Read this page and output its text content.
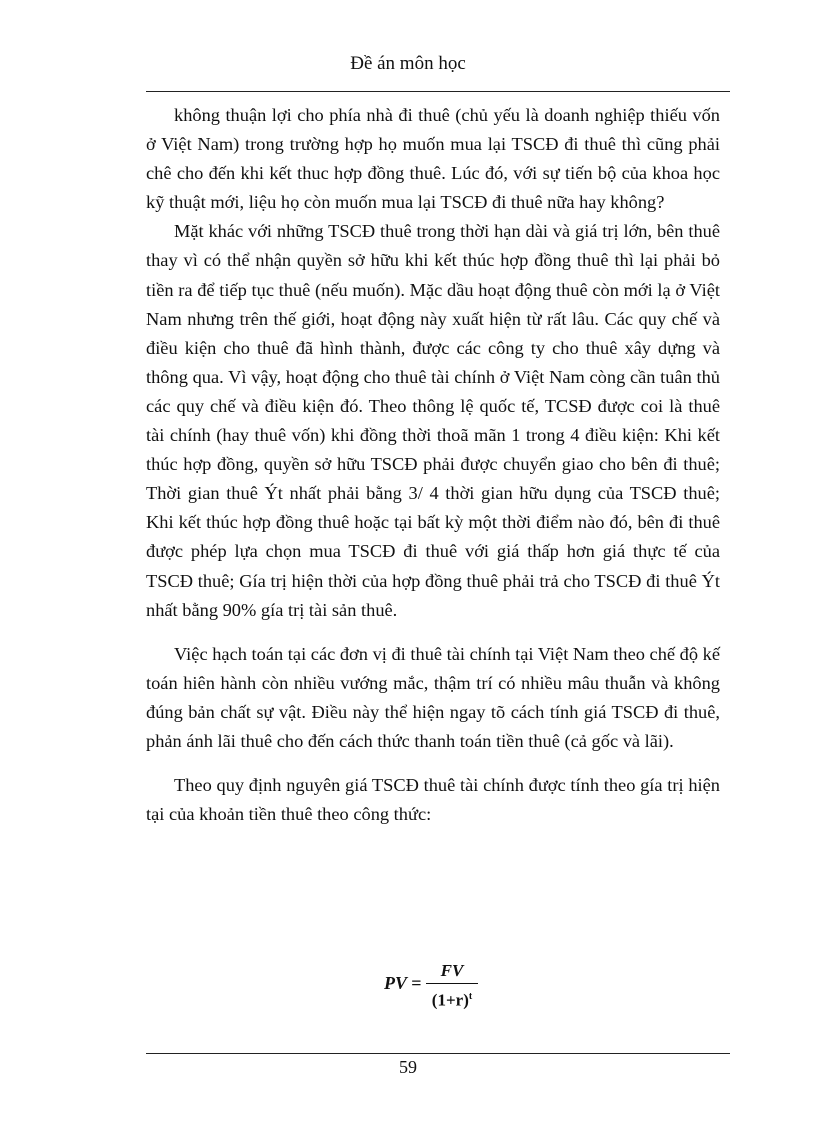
Đề án môn học

không thuận lợi cho phía nhà đi thuê (chủ yếu là doanh nghiệp thiếu vốn ở Việt Nam) trong trường hợp họ muốn mua lại TSCĐ đi thuê thì cũng phải chê cho đến khi kết thuc hợp đồng thuê. Lúc đó, với sự tiến bộ của khoa học kỹ thuật mới, liệu họ còn muốn mua lại TSCĐ đi thuê nữa hay không?

Mặt khác với những TSCĐ thuê trong thời hạn dài và giá trị lớn, bên thuê thay vì có thể nhận quyền sở hữu khi kết thúc hợp đồng thuê thì lại phải bỏ tiền ra để tiếp tục thuê (nếu muốn). Mặc dầu hoạt động thuê còn mới lạ ở Việt Nam nhưng trên thế giới, hoạt động này xuất hiện từ rất lâu. Các quy chế và điều kiện cho thuê đã hình thành, được các công ty cho thuê xây dựng và thông qua. Vì vậy, hoạt động cho thuê tài chính ở Việt Nam còng cần tuân thủ các quy chế và điều kiện đó. Theo thông lệ quốc tế, TCSĐ được coi là thuê tài chính (hay thuê vốn) khi đồng thời thoã mãn 1 trong 4 điều kiện: Khi kết thúc hợp đồng, quyền sở hữu TSCĐ phải được chuyển giao cho bên đi thuê; Thời gian thuê Ýt nhất phải bằng 3/ 4 thời gian hữu dụng của TSCĐ thuê; Khi kết thúc hợp đồng thuê hoặc tại bất kỳ một thời điểm nào đó, bên đi thuê được phép lựa chọn mua TSCĐ đi thuê với giá thấp hơn giá thực tế của TSCĐ thuê; Gía trị hiện thời của hợp đồng thuê phải trả cho TSCĐ đi thuê Ýt nhất bằng 90% gía trị tài sản thuê.

Việc hạch toán tại các đơn vị đi thuê tài chính tại Việt Nam theo chế độ kế toán hiên hành còn nhiều vướng mắc, thậm trí có nhiều mâu thuẫn và không đúng bản chất sự vật. Điều này thể hiện ngay tõ cách tính giá TSCĐ đi thuê, phản ánh lãi thuê cho đến cách thức thanh toán tiền thuê (cả gốc và lãi).

Theo quy định nguyên giá TSCĐ thuê tài chính được tính theo gía trị hiện tại của khoản tiền thuê theo công thức:

PV =
FV
$(1+r)^t$
59
